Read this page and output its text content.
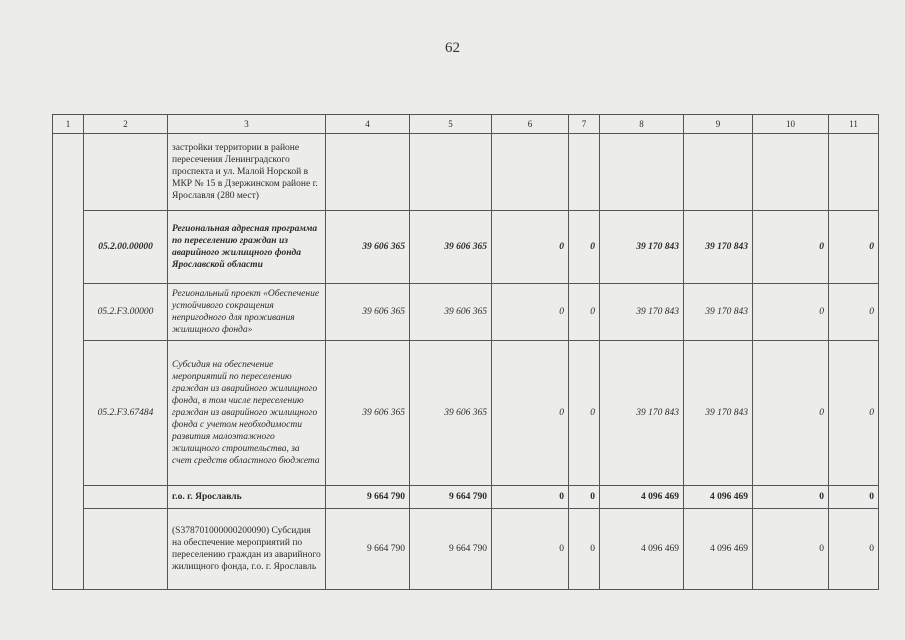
62
1	2	3	4	5	6	7	8	9	10	11
		застройки территории в районе пересечения Ленинградского проспекта и ул. Малой Норской в МКР № 15 в Дзержинском районе г. Ярославля (280 мест)								
	05.2.00.00000	Региональная адресная программа по переселению граждан из аварийного жилищного фонда Ярославской области	39 606 365	39 606 365	0	0	39 170 843	39 170 843	0	0
	05.2.F3.00000	Региональный проект «Обеспечение устойчивого сокращения непригодного для проживания жилищного фонда»	39 606 365	39 606 365	0	0	39 170 843	39 170 843	0	0
	05.2.F3.67484	Субсидия на обеспечение мероприятий по переселению граждан из аварийного жилищного фонда, в том числе переселению граждан из аварийного жилищного фонда с учетом необходимости развития малоэтажного жилищного строительства, за счет средств областного бюджета	39 606 365	39 606 365	0	0	39 170 843	39 170 843	0	0
		г.о. г. Ярославль	9 664 790	9 664 790	0	0	4 096 469	4 096 469	0	0
		(S378701000000200090) Субсидия на обеспечение мероприятий по переселению граждан из аварийного жилищного фонда, г.о. г. Ярославль	9 664 790	9 664 790	0	0	4 096 469	4 096 469	0	0
